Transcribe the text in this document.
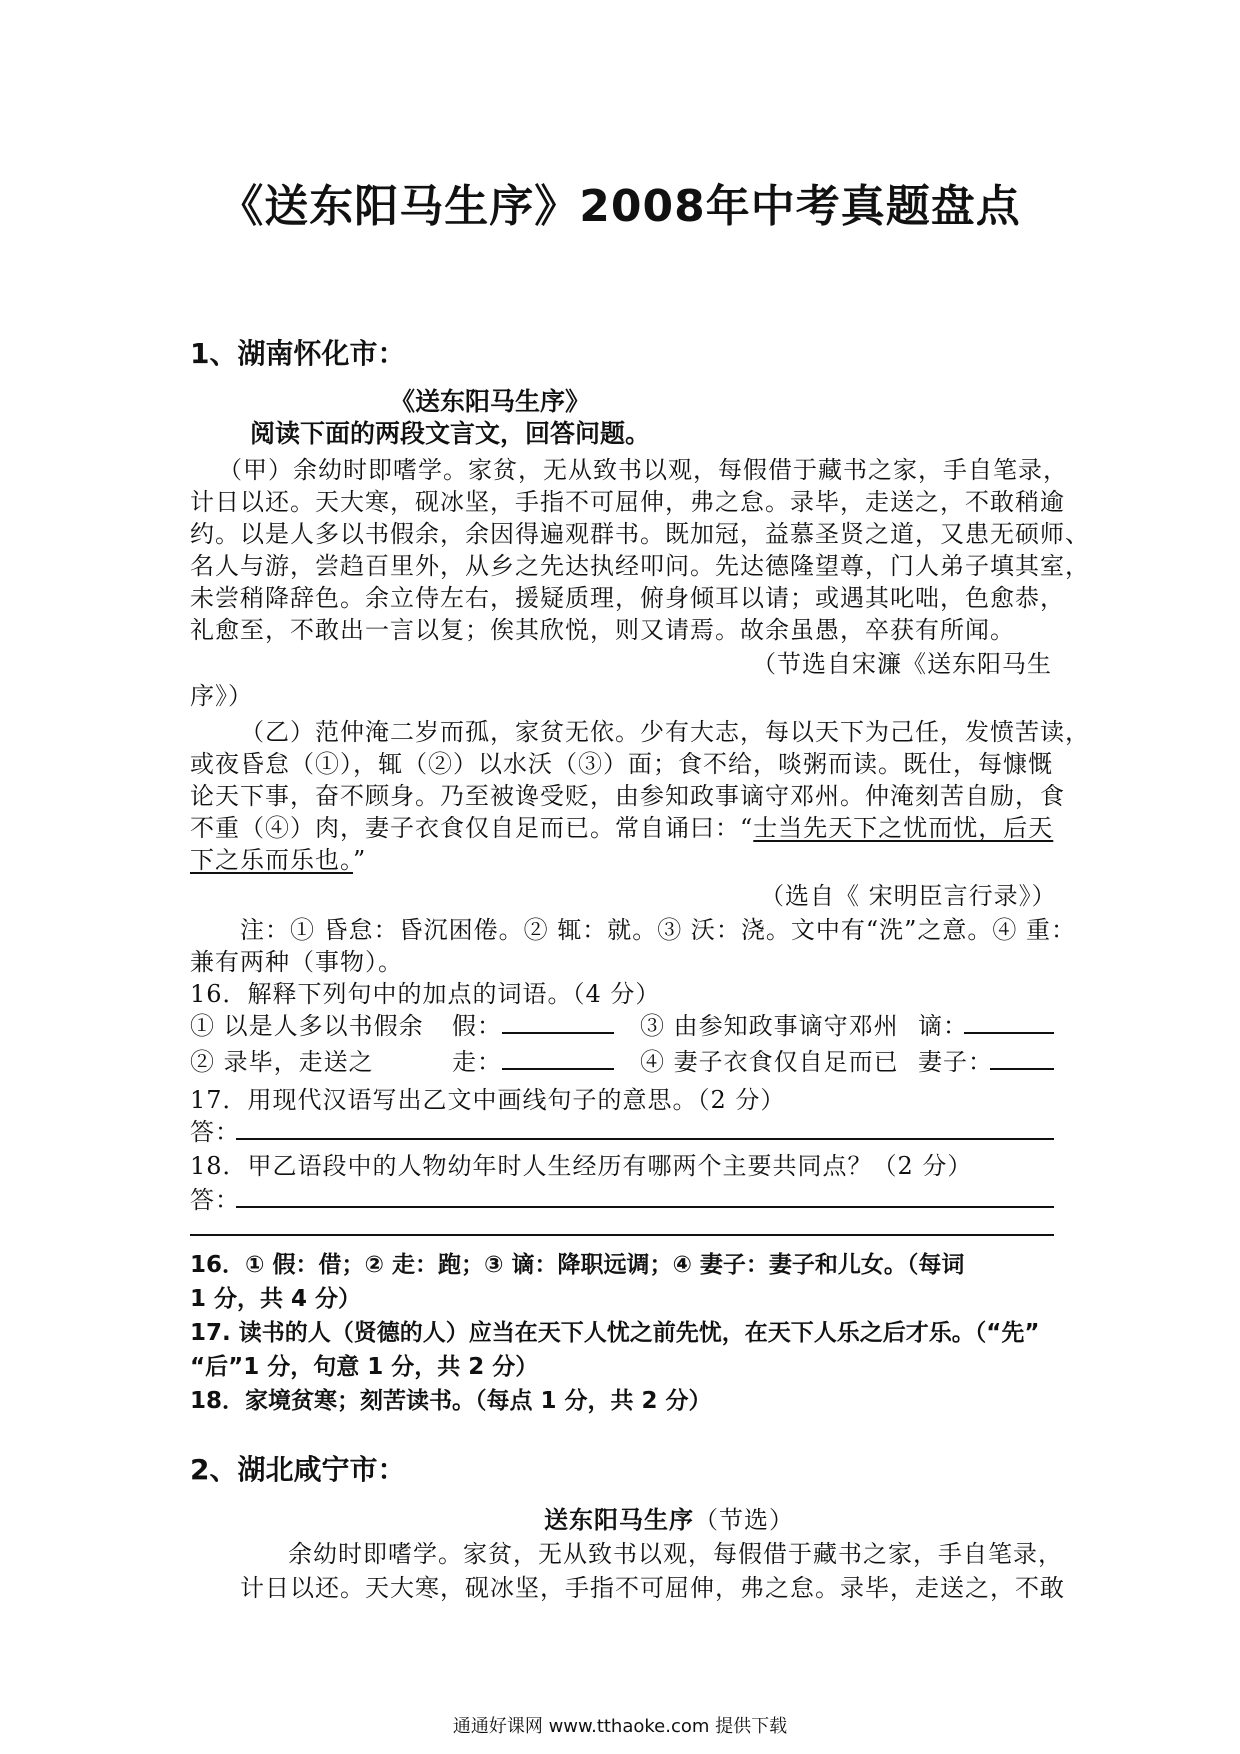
《送东阳马生序》2008年中考真题盘点
1、湖南怀化市：
《送东阳马生序》
阅读下面的两段文言文，回答问题。
（甲）余幼时即嗜学。家贫，无从致书以观，每假借于藏书之家，手自笔录，
计日以还。天大寒，砚冰坚，手指不可屈伸，弗之怠。录毕，走送之，不敢稍逾
约。以是人多以书假余，余因得遍观群书。既加冠，益慕圣贤之道，又患无硕师、
名人与游，尝趋百里外，从乡之先达执经叩问。先达德隆望尊，门人弟子填其室，
未尝稍降辞色。余立侍左右，援疑质理，俯身倾耳以请；或遇其叱咄，色愈恭，
礼愈至，不敢出一言以复；俟其欣悦，则又请焉。故余虽愚，卒获有所闻。
（节选自宋濂《送东阳马生
序》）
（乙）范仲淹二岁而孤，家贫无依。少有大志，每以天下为己任，发愤苦读，
或夜昏怠（①），辄（②）以水沃（③）面；食不给，啖粥而读。既仕，每慷慨
论天下事，奋不顾身。乃至被谗受贬，由参知政事谪守邓州。仲淹刻苦自励，食
不重（④）肉，妻子衣食仅自足而已。常自诵曰：“士当先天下之忧而忧，后天
下之乐而乐也。”
（选自《 宋明臣言行录》）
注：① 昏怠：昏沉困倦。② 辄：就。③ 沃：浇。文中有“洗”之意。④ 重：
兼有两种（事物）。
16．解释下列句中的加点的词语。（4 分）
① 以是人多以书假余 假：	③ 由参知政事谪守邓州 谪：
② 录毕，走送之	走：	④ 妻子衣食仅自足而已 妻子：
17．用现代汉语写出乙文中画线句子的意思。（2 分）
答：
18．甲乙语段中的人物幼年时人生经历有哪两个主要共同点？（2 分）
答：
16．① 假：借；② 走：跑；③ 谪：降职远调；④ 妻子：妻子和儿女。（每词
1 分，共 4 分）
17. 读书的人（贤德的人）应当在天下人忧之前先忧，在天下人乐之后才乐。（“先”
“后”1 分，句意 1 分，共 2 分）
18．家境贫寒；刻苦读书。（每点 1 分，共 2 分）
2、湖北咸宁市：
送东阳马生序（节选）
余幼时即嗜学。家贫，无从致书以观，每假借于藏书之家，手自笔录，
计日以还。天大寒，砚冰坚，手指不可屈伸，弗之怠。录毕，走送之，不敢
通通好课网 www.tthaoke.com 提供下载
